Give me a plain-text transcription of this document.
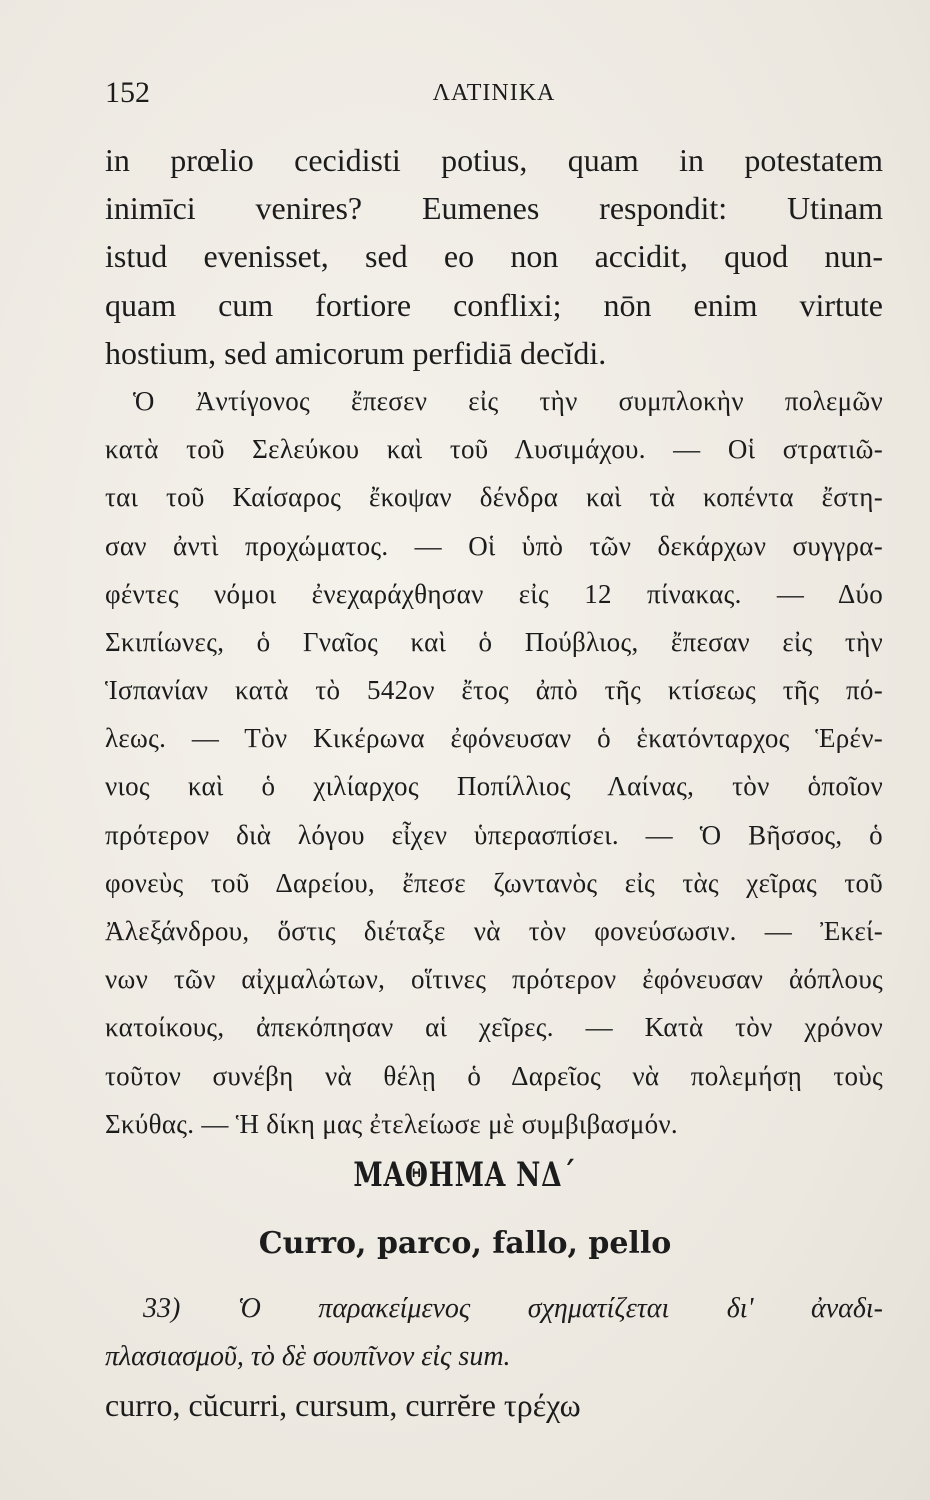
152	ΛΑΤΙΝΙΚΑ
in prœlio cecidisti potius, quam in potestatem
inimīci venires? Eumenes respondit: Utinam
istud evenisset, sed eo non accidit, quod nun-
quam cum fortiore conflixi; nōn enim virtute
hostium, sed amicorum perfidiā decĭdi.
Ὁ Ἀντίγονος ἔπεσεν εἰς τὴν συμπλοκὴν πολεμῶν
κατὰ τοῦ Σελεύκου καὶ τοῦ Λυσιμάχου. — Οἱ στρατιῶ-
ται τοῦ Καίσαρος ἔκοψαν δένδρα καὶ τὰ κοπέντα ἔστη-
σαν ἀντὶ προχώματος. — Οἱ ὑπὸ τῶν δεκάρχων συγγρα-
φέντες νόμοι ἐνεχαράχθησαν εἰς 12 πίνακας. — Δύο
Σκιπίωνες, ὁ Γναῖος καὶ ὁ Πούβλιος, ἔπεσαν εἰς τὴν
Ἱσπανίαν κατὰ τὸ 542ον ἔτος ἀπὸ τῆς κτίσεως τῆς πό-
λεως. — Τὸν Κικέρωνα ἐφόνευσαν ὁ ἑκατόνταρχος Ἑρέν-
νιος καὶ ὁ χιλίαρχος Ποπίλλιος Λαίνας, τὸν ὁποῖον
πρότερον διὰ λόγου εἶχεν ὑπερασπίσει. — Ὁ Βῆσσος, ὁ
φονεὺς τοῦ Δαρείου, ἔπεσε ζωντανὸς εἰς τὰς χεῖρας τοῦ
Ἀλεξάνδρου, ὅστις διέταξε νὰ τὸν φονεύσωσιν. — Ἐκεί-
νων τῶν αἰχμαλώτων, οἵτινες πρότερον ἐφόνευσαν ἀόπλους
κατοίκους, ἀπεκόπησαν αἱ χεῖρες. — Κατὰ τὸν χρόνον
τοῦτον συνέβη νὰ θέλῃ ὁ Δαρεῖος νὰ πολεμήσῃ τοὺς
Σκύθας. — Ἡ δίκη μας ἐτελείωσε μὲ συμβιβασμόν.
ΜΑΘΗΜΑ ΝΔ΄
Curro, parco, fallo, pello
33) Ὁ παρακείμενος σχηματίζεται δι' ἀναδι-
πλασιασμοῦ, τὸ δὲ σουπῖνον εἰς sum.
curro, cŭcurri, cursum, currĕre τρέχω
